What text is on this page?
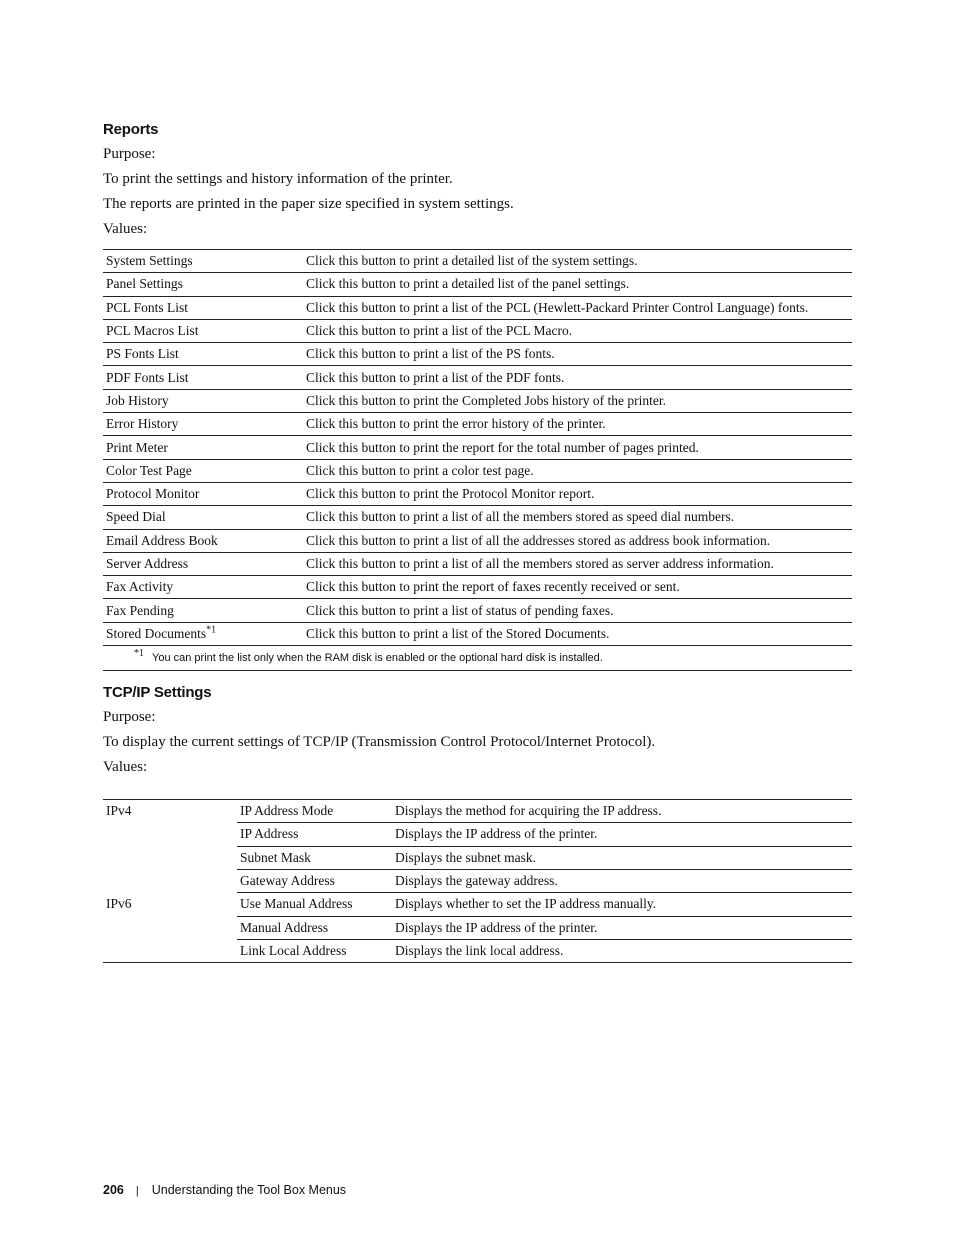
Reports

Purpose:

To print the settings and history information of the printer.

The reports are printed in the paper size specified in system settings.

Values:

System Settings	Click this button to print a detailed list of the system settings.
Panel Settings	Click this button to print a detailed list of the panel settings.
PCL Fonts List	Click this button to print a list of the PCL (Hewlett-Packard Printer Control Language) fonts.
PCL Macros List	Click this button to print a list of the PCL Macro.
PS Fonts List	Click this button to print a list of the PS fonts.
PDF Fonts List	Click this button to print a list of the PDF fonts.
Job History	Click this button to print the Completed Jobs history of the printer.
Error History	Click this button to print the error history of the printer.
Print Meter	Click this button to print the report for the total number of pages printed.
Color Test Page	Click this button to print a color test page.
Protocol Monitor	Click this button to print the Protocol Monitor report.
Speed Dial	Click this button to print a list of all the members stored as speed dial numbers.
Email Address Book	Click this button to print a list of all the addresses stored as address book information.
Server Address	Click this button to print a list of all the members stored as server address information.
Fax Activity	Click this button to print the report of faxes recently received or sent.
Fax Pending	Click this button to print a list of status of pending faxes.
Stored Documents$^{*1}$	Click this button to print a list of the Stored Documents.
*1 You can print the list only when the RAM disk is enabled or the optional hard disk is installed.	
TCP/IP Settings

Purpose:

To display the current settings of TCP/IP (Transmission Control Protocol/Internet Protocol).

Values:

IPv4	IP Address Mode	Displays the method for acquiring the IP address.
	IP Address	Displays the IP address of the printer.
	Subnet Mask	Displays the subnet mask.
	Gateway Address	Displays the gateway address.
IPv6	Use Manual Address	Displays whether to set the IP address manually.
	Manual Address	Displays the IP address of the printer.
	Link Local Address	Displays the link local address.
206 | Understanding the Tool Box Menus
